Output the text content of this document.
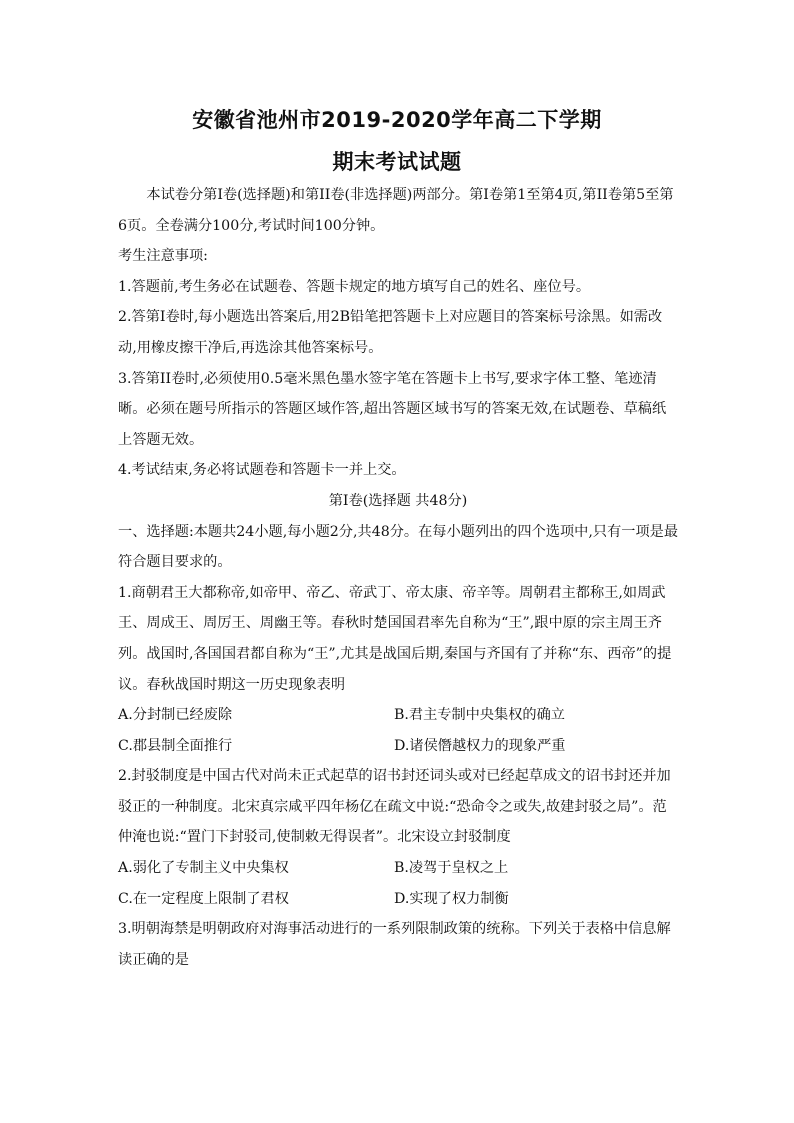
安徽省池州市2019-2020学年高二下学期
期末考试试题

本试卷分第I卷(选择题)和第II卷(非选择题)两部分。第I卷第1至第4页,第II卷第5至第6页。全卷满分100分,考试时间100分钟。

考生注意事项:

1.答题前,考生务必在试题卷、答题卡规定的地方填写自己的姓名、座位号。

2.答第I卷时,每小题选出答案后,用2B铅笔把答题卡上对应题目的答案标号涂黑。如需改动,用橡皮擦干净后,再选涂其他答案标号。

3.答第II卷时,必须使用0.5毫米黑色墨水签字笔在答题卡上书写,要求字体工整、笔迹清晰。必须在题号所指示的答题区域作答,超出答题区域书写的答案无效,在试题卷、草稿纸上答题无效。

4.考试结束,务必将试题卷和答题卡一并上交。

第I卷(选择题 共48分)

一、选择题:本题共24小题,每小题2分,共48分。在每小题列出的四个选项中,只有一项是最符合题目要求的。

1.商朝君王大都称帝,如帝甲、帝乙、帝武丁、帝太康、帝辛等。周朝君主都称王,如周武王、周成王、周厉王、周幽王等。春秋时楚国国君率先自称为“王”,跟中原的宗主周王齐列。战国时,各国国君都自称为“王”,尤其是战国后期,秦国与齐国有了并称“东、西帝”的提议。春秋战国时期这一历史现象表明

A.分封制已经废除	B.君主专制中央集权的确立
C.郡县制全面推行	D.诸侯僭越权力的现象严重

2.封驳制度是中国古代对尚未正式起草的诏书封还词头或对已经起草成文的诏书封还并加驳正的一种制度。北宋真宗咸平四年杨亿在疏文中说:“恐命令之或失,故建封驳之局”。范仲淹也说:“置门下封驳司,使制敕无得误者”。北宋设立封驳制度

A.弱化了专制主义中央集权	B.凌驾于皇权之上
C.在一定程度上限制了君权	D.实现了权力制衡

3.明朝海禁是明朝政府对海事活动进行的一系列限制政策的统称。下列关于表格中信息解读正确的是
